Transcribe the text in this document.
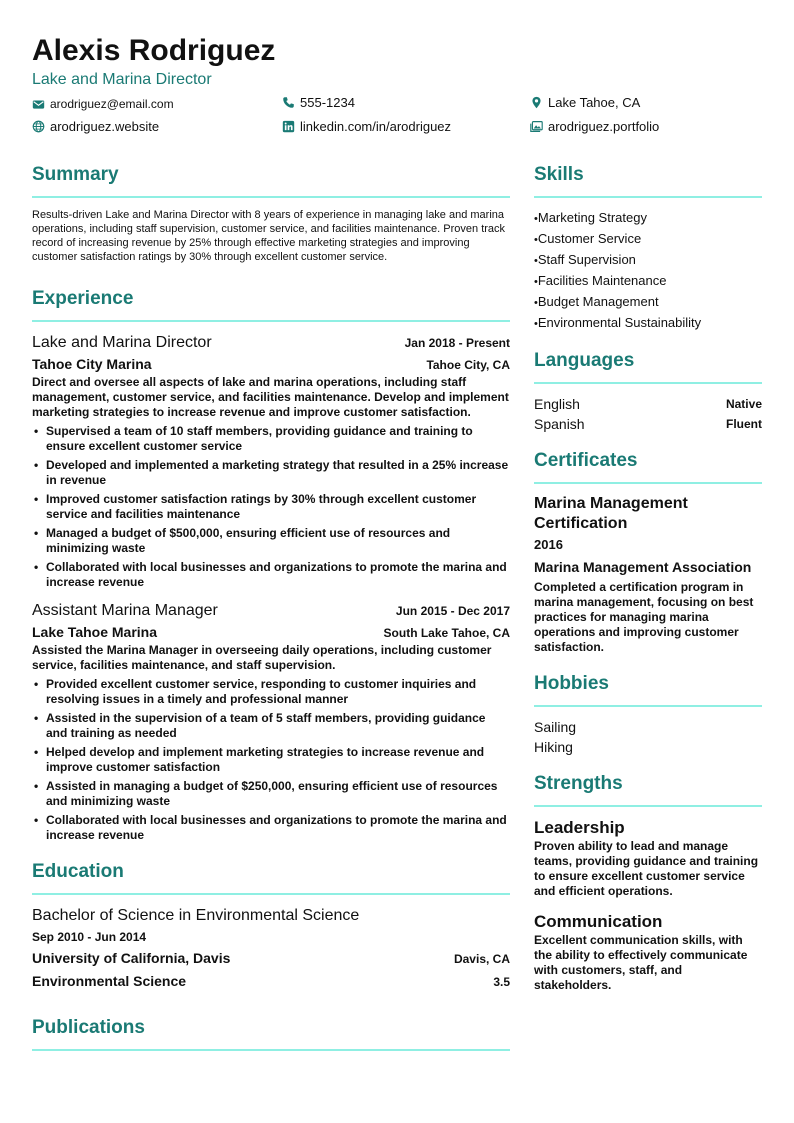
Alexis Rodriguez
Lake and Marina Director
arodriguez@email.com	555-1234	Lake Tahoe, CA
arodriguez.website	linkedin.com/in/arodriguez	arodriguez.portfolio
Summary
Results-driven Lake and Marina Director with 8 years of experience in managing lake and marina operations, including staff supervision, customer service, and facilities maintenance. Proven track record of increasing revenue by 25% through effective marketing strategies and improving customer satisfaction ratings by 30% through excellent customer service.
Experience
Lake and Marina Director	Jan 2018 - Present
Tahoe City Marina	Tahoe City, CA
Direct and oversee all aspects of lake and marina operations, including staff management, customer service, and facilities maintenance. Develop and implement marketing strategies to increase revenue and improve customer satisfaction.
• Supervised a team of 10 staff members, providing guidance and training to ensure excellent customer service
• Developed and implemented a marketing strategy that resulted in a 25% increase in revenue
• Improved customer satisfaction ratings by 30% through excellent customer service and facilities maintenance
• Managed a budget of $500,000, ensuring efficient use of resources and minimizing waste
• Collaborated with local businesses and organizations to promote the marina and increase revenue
Assistant Marina Manager	Jun 2015 - Dec 2017
Lake Tahoe Marina	South Lake Tahoe, CA
Assisted the Marina Manager in overseeing daily operations, including customer service, facilities maintenance, and staff supervision.
• Provided excellent customer service, responding to customer inquiries and resolving issues in a timely and professional manner
• Assisted in the supervision of a team of 5 staff members, providing guidance and training as needed
• Helped develop and implement marketing strategies to increase revenue and improve customer satisfaction
• Assisted in managing a budget of $250,000, ensuring efficient use of resources and minimizing waste
• Collaborated with local businesses and organizations to promote the marina and increase revenue
Education
Bachelor of Science in Environmental Science
Sep 2010 - Jun 2014
University of California, Davis	Davis, CA
Environmental Science	3.5
Publications
Skills
• Marketing Strategy
• Customer Service
• Staff Supervision
• Facilities Maintenance
• Budget Management
• Environmental Sustainability
Languages
English	Native
Spanish	Fluent
Certificates
Marina Management Certification
2016
Marina Management Association
Completed a certification program in marina management, focusing on best practices for managing marina operations and improving customer satisfaction.
Hobbies
Sailing
Hiking
Strengths
Leadership
Proven ability to lead and manage teams, providing guidance and training to ensure excellent customer service and efficient operations.
Communication
Excellent communication skills, with the ability to effectively communicate with customers, staff, and stakeholders.
